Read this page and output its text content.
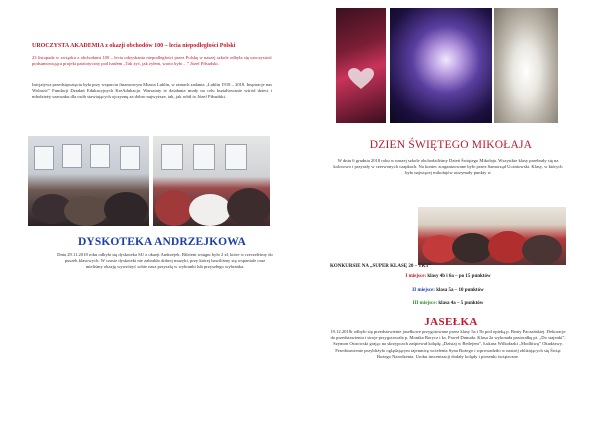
UROCZYSTA AKADEMIA z okazji obchodów 100 – lecia niepodległości Polski
23 listopada w związku z obchodami 100 – lecia odzyskania niepodległości przez Polskę w naszej szkole odbyła się uroczystość podsumowująca projekt patriotyczny pod hasłem „Tak żyć, jak żyłem, warto było…” Józef Piłsudski.
Inicjatywa przedsięwzięcia była przy wsparciu finansowym Miasta Lublin, w ramach zadania „Lublin 1918 – 2018. Inspiracje nas Wolność” Fundacji Działań Edukacyjnych KreAdukacja. Warsztaty te działania miały na celu kształtowanie wśród dzieci i młodzieży szacunku dla osób stawiających ojczyznę za dobro najwyższe, tak, jak robił to Józef Piłsudski.
DYSKOTEKA ANDRZEJKOWA
Dnia 29.11.2018 roku odbyła się dyskoteka SU z okazji Andrzejek. Biletem wstępu było 2 zł, które w rzeczeliśmy do puszek klasowych. W czasie dyskoteki nie zabrakło dobrej muzyki, przy której bawiliśmy się wspaniale oraz mieliśmy okazję wywróżyć sobie nasz przyszłą w wybranki lub przyszłego wybranka.
DZIEN ŚWIĘTEGO MIKOŁAJA
W dniu 6 grudnia 2018 roku w naszej szkole obchodziliśmy Dzień Świętego Mikołaja. Wszystkie klasy przebrały się na kolorowo i przyszły w czerwonych czapkach. Na koniec zorganizowane było przez Samorząd Uczniowski. Klasy, w których było najwięcej mikołajów otrzymały punkty w
KONKURSIE NA „SUPER KLASĘ 20 – TKT”
I miejsce: klasy 4b i 6a – po 15 punktów
II miejsce: klasa 5a – 10 punktów
III miejsce: klasa 4a – 5 punktów
JASEŁKA
19.12.2018r odbyło się przedstawienie jasełkowe przygotowane przez klasy 5a i 5b pod opieką p. Beaty Paczańskiej. Dekoracje do przedstawienia i stroje przygotowała p. Monika Borycz i ks. Paweł Dumała. Klasa 2a wykonała pastorałkę pt. „Do stajenki”, Szymon Ostrowski grając na skrzypcach zaśpiewał kolędę „Dzisiaj w Betlejem”, Łukasz Wilkołazki „Modlitwę” Okudżawy. Przedstawienie przybliżyło oglądającym tajemnicę wcielenia Syna Bożego i wprowadziło w nastrój zbliżających się Świąt Bożego Narodzenia. Uroku inscenizacji dodały kolędy i piosenki świąteczne.
